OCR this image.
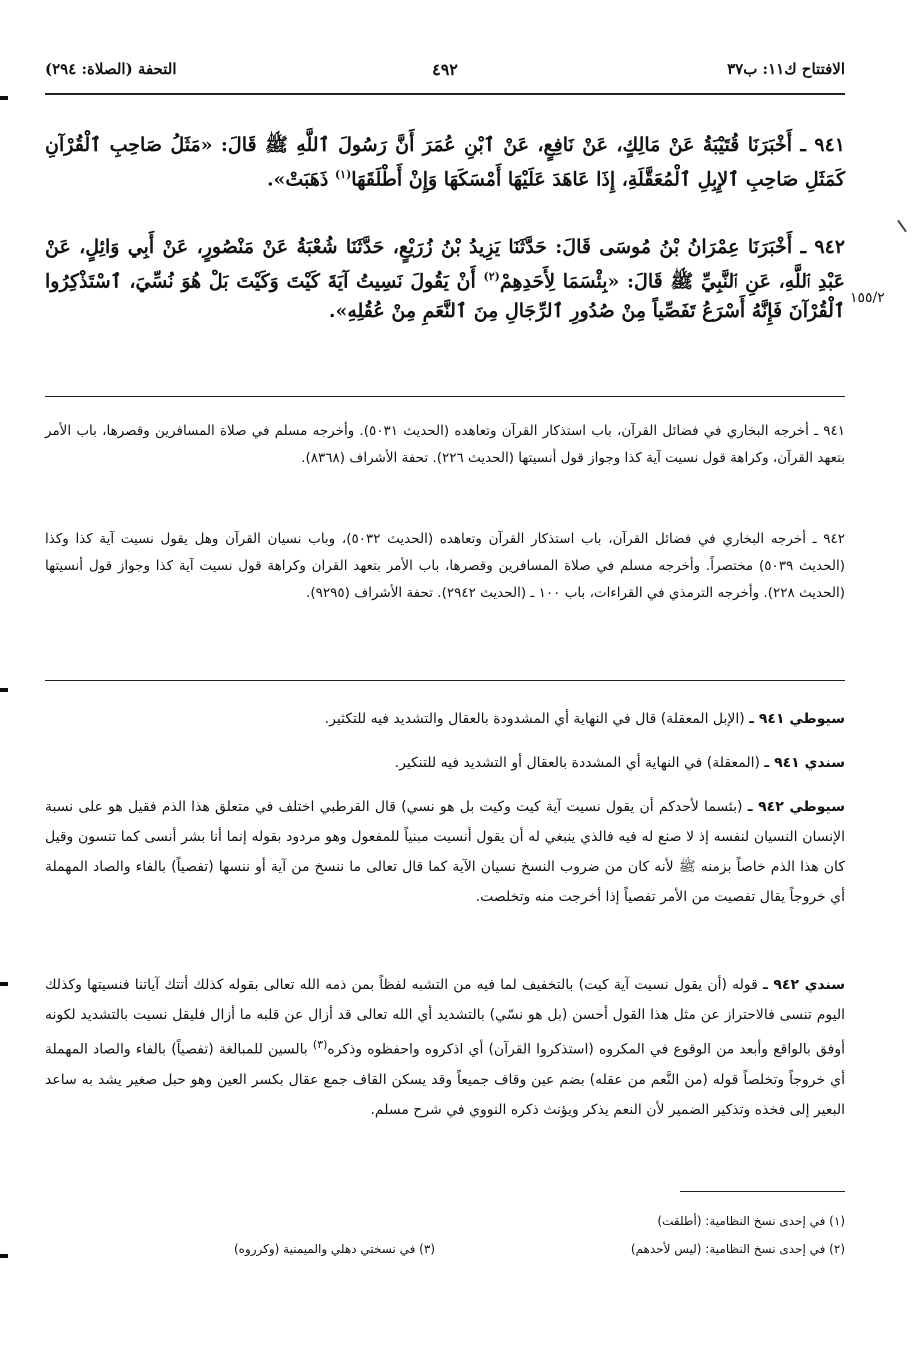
الافتتاح ك١١: ب٣٧
٤٩٢
التحفة (الصلاة: ٢٩٤)
٩٤١ ـ أَخْبَرَنَا قُتَيْبَةُ عَنْ مَالِكٍ، عَنْ نَافِعٍ، عَنْ ٱبْنِ عُمَرَ أَنَّ رَسُولَ ٱللَّهِ ﷺ قَالَ: «مَثَلُ صَاحِبِ ٱلْقُرْآنِ كَمَثَلِ صَاحِبِ ٱلإِبِلِ ٱلْمُعَقَّلَةِ، إِذَا عَاهَدَ عَلَيْهَا أَمْسَكَهَا وَإِنْ أَطْلَقَهَا$^{(١)}$ ذَهَبَتْ».
٩٤٢ ـ أَخْبَرَنَا عِمْرَانُ بْنُ مُوسَى قَالَ: حَدَّثَنَا يَزِيدُ بْنُ زُرَيْعٍ، حَدَّثَنَا شُعْبَةُ عَنْ مَنْصُورٍ، عَنْ أَبِي وَائِلٍ، عَنْ عَبْدِ ٱللَّهِ، عَنِ ٱلنَّبِيِّ ﷺ قَالَ: «بِئْسَمَا لِأَحَدِهِمْ$^{(٢)}$ أَنْ يَقُولَ نَسِيتُ آيَةَ كَيْتَ وَكَيْتَ بَلْ هُوَ نُسِّيَ، ٱسْتَذْكِرُوا ٱلْقُرْآنَ فَإِنَّهُ أَسْرَعُ تَفَصِّياً مِنْ صُدُورِ ٱلرِّجَالِ مِنَ ٱلنَّعَمِ مِنْ عُقُلِهِ».
١٥٥/٢
٩٤١ ـ أخرجه البخاري في فضائل القرآن، باب استذكار القرآن وتعاهده (الحديث ٥٠٣١). وأخرجه مسلم في صلاة المسافرين وقصرها، باب الأمر بتعهد القرآن، وكراهة قول نسيت آية كذا وجواز قول أنسيتها (الحديث ٢٢٦). تحفة الأشراف (٨٣٦٨).
٩٤٢ ـ أخرجه البخاري في فضائل القرآن، باب استذكار القرآن وتعاهده (الحديث ٥٠٣٢)، وباب نسيان القرآن وهل يقول نسيت آية كذا وكذا (الحديث ٥٠٣٩) مختصراً. وأخرجه مسلم في صلاة المسافرين وقصرها، باب الأمر بتعهد القران وكراهة قول نسيت آية كذا وجواز قول أنسيتها (الحديث ٢٢٨). وأخرجه الترمذي في القراءات، باب ١٠٠ ـ (الحديث ٢٩٤٢). تحفة الأشراف (٩٢٩٥).
سيوطي ٩٤١ ـ (الإبل المعقلة) قال في النهاية أي المشدودة بالعقال والتشديد فيه للتكثير.
سندي ٩٤١ ـ (المعقلة) في النهاية أي المشددة بالعقال أو التشديد فيه للتنكير.
سيوطي ٩٤٢ ـ (بئسما لأحدكم أن يقول نسيت آية كيت وكيت بل هو نسي) قال القرطبي اختلف في متعلق هذا الذم فقيل هو على نسبة الإنسان النسيان لنفسه إذ لا صنع له فيه فالذي ينبغي له أن يقول أنسيت مبنياً للمفعول وهو مردود بقوله إنما أنا بشر أنسى كما تنسون وقيل كان هذا الذم خاصاً بزمنه ﷺ لأنه كان من ضروب النسخ نسيان الآية كما قال تعالى ما ننسخ من آية أو ننسها (تفصياً) بالفاء والصاد المهملة أي خروجاً يقال تفصيت من الأمر تفصياً إذا أخرجت منه وتخلصت.
سندي ٩٤٢ ـ قوله (أن يقول نسيت آية كيت) بالتخفيف لما فيه من التشبه لفظاً بمن ذمه الله تعالى بقوله كذلك أتتك آياتنا فنسيتها وكذلك اليوم تنسى فالاحتراز عن مثل هذا القول أحسن (بل هو نسّي) بالتشديد أي الله تعالى قد أزال عن قلبه ما أزال فليقل نسيت بالتشديد لكونه أوفق بالواقع وأبعد من الوقوع في المكروه (استذكروا القرآن) أي اذكروه واحفظوه وذكره$^{(٣)}$ بالسين للمبالغة (تفصياً) بالفاء والصاد المهملة أي خروجاً وتخلصاً قوله (من النَّعم من عقله) بضم عين وقاف جميعاً وقد يسكن القاف جمع عقال بكسر العين وهو حبل صغير يشد به ساعد البعير إلى فخذه وتذكير الضمير لأن النعم يذكر ويؤنث ذكره النووي في شرح مسلم.
(١) في إحدى نسخ النظامية: (أطلقت)
(٢) في إحدى نسخ النظامية: (ليس لأحدهم)
(٣) في نسختي دهلي والميمنية (وكرروه)
